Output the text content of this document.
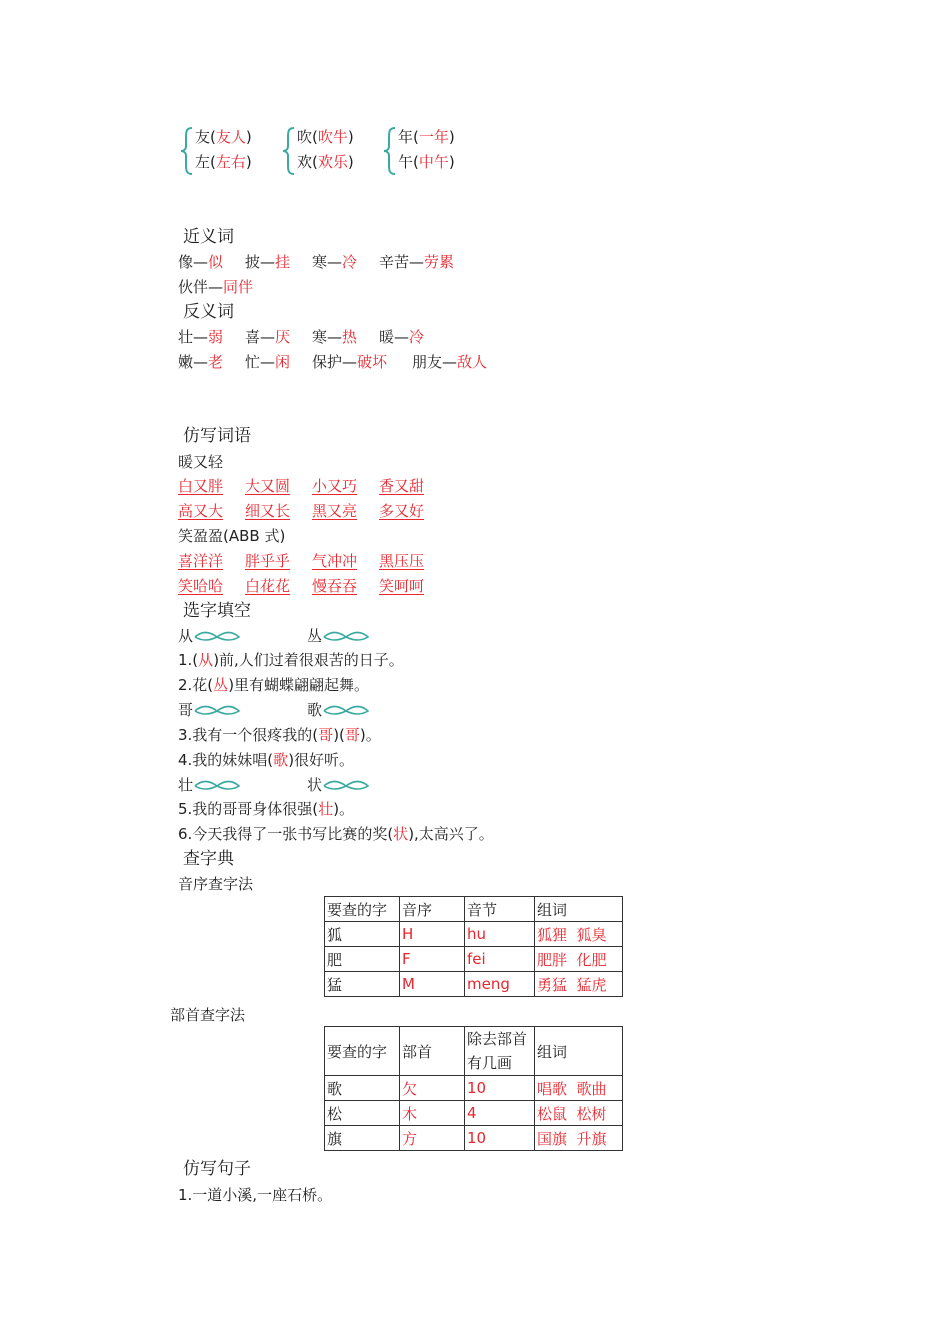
友(友人)
左(左右)
吹(吹牛)
欢(欢乐)
年(一年)
午(中午)
近义词
像—似 披—挂 寒—冷 辛苦—劳累
伙伴—同伴
反义词
壮—弱 喜—厌 寒—热 暖—冷
嫩—老 忙—闲 保护—破坏 朋友—敌人
仿写词语
暖又轻
白又胖 大又圆 小又巧 香又甜
高又大 细又长 黑又亮 多又好
笑盈盈(ABB 式)
喜洋洋 胖乎乎 气冲冲 黑压压
笑哈哈 白花花 慢吞吞 笑呵呵
选字填空
从	丛
1.(从)前,人们过着很艰苦的日子。
2.花(丛)里有蝴蝶翩翩起舞。
哥	歌
3.我有一个很疼我的(哥)(哥)。
4.我的妹妹唱(歌)很好听。
壮	状
5.我的哥哥身体很强(壮)。
6.今天我得了一张书写比赛的奖(状),太高兴了。
查字典
音序查字法
要查的字	音序	音节	组词
狐	H	hu	狐狸  狐臭
肥	F	fei	肥胖  化肥
猛	M	meng	勇猛  猛虎
部首查字法
要查的字	部首	除去部首有几画	组词
歌	欠	10	唱歌  歌曲
松	木	4	松鼠  松树
旗	方	10	国旗  升旗
仿写句子
1.一道小溪,一座石桥。
